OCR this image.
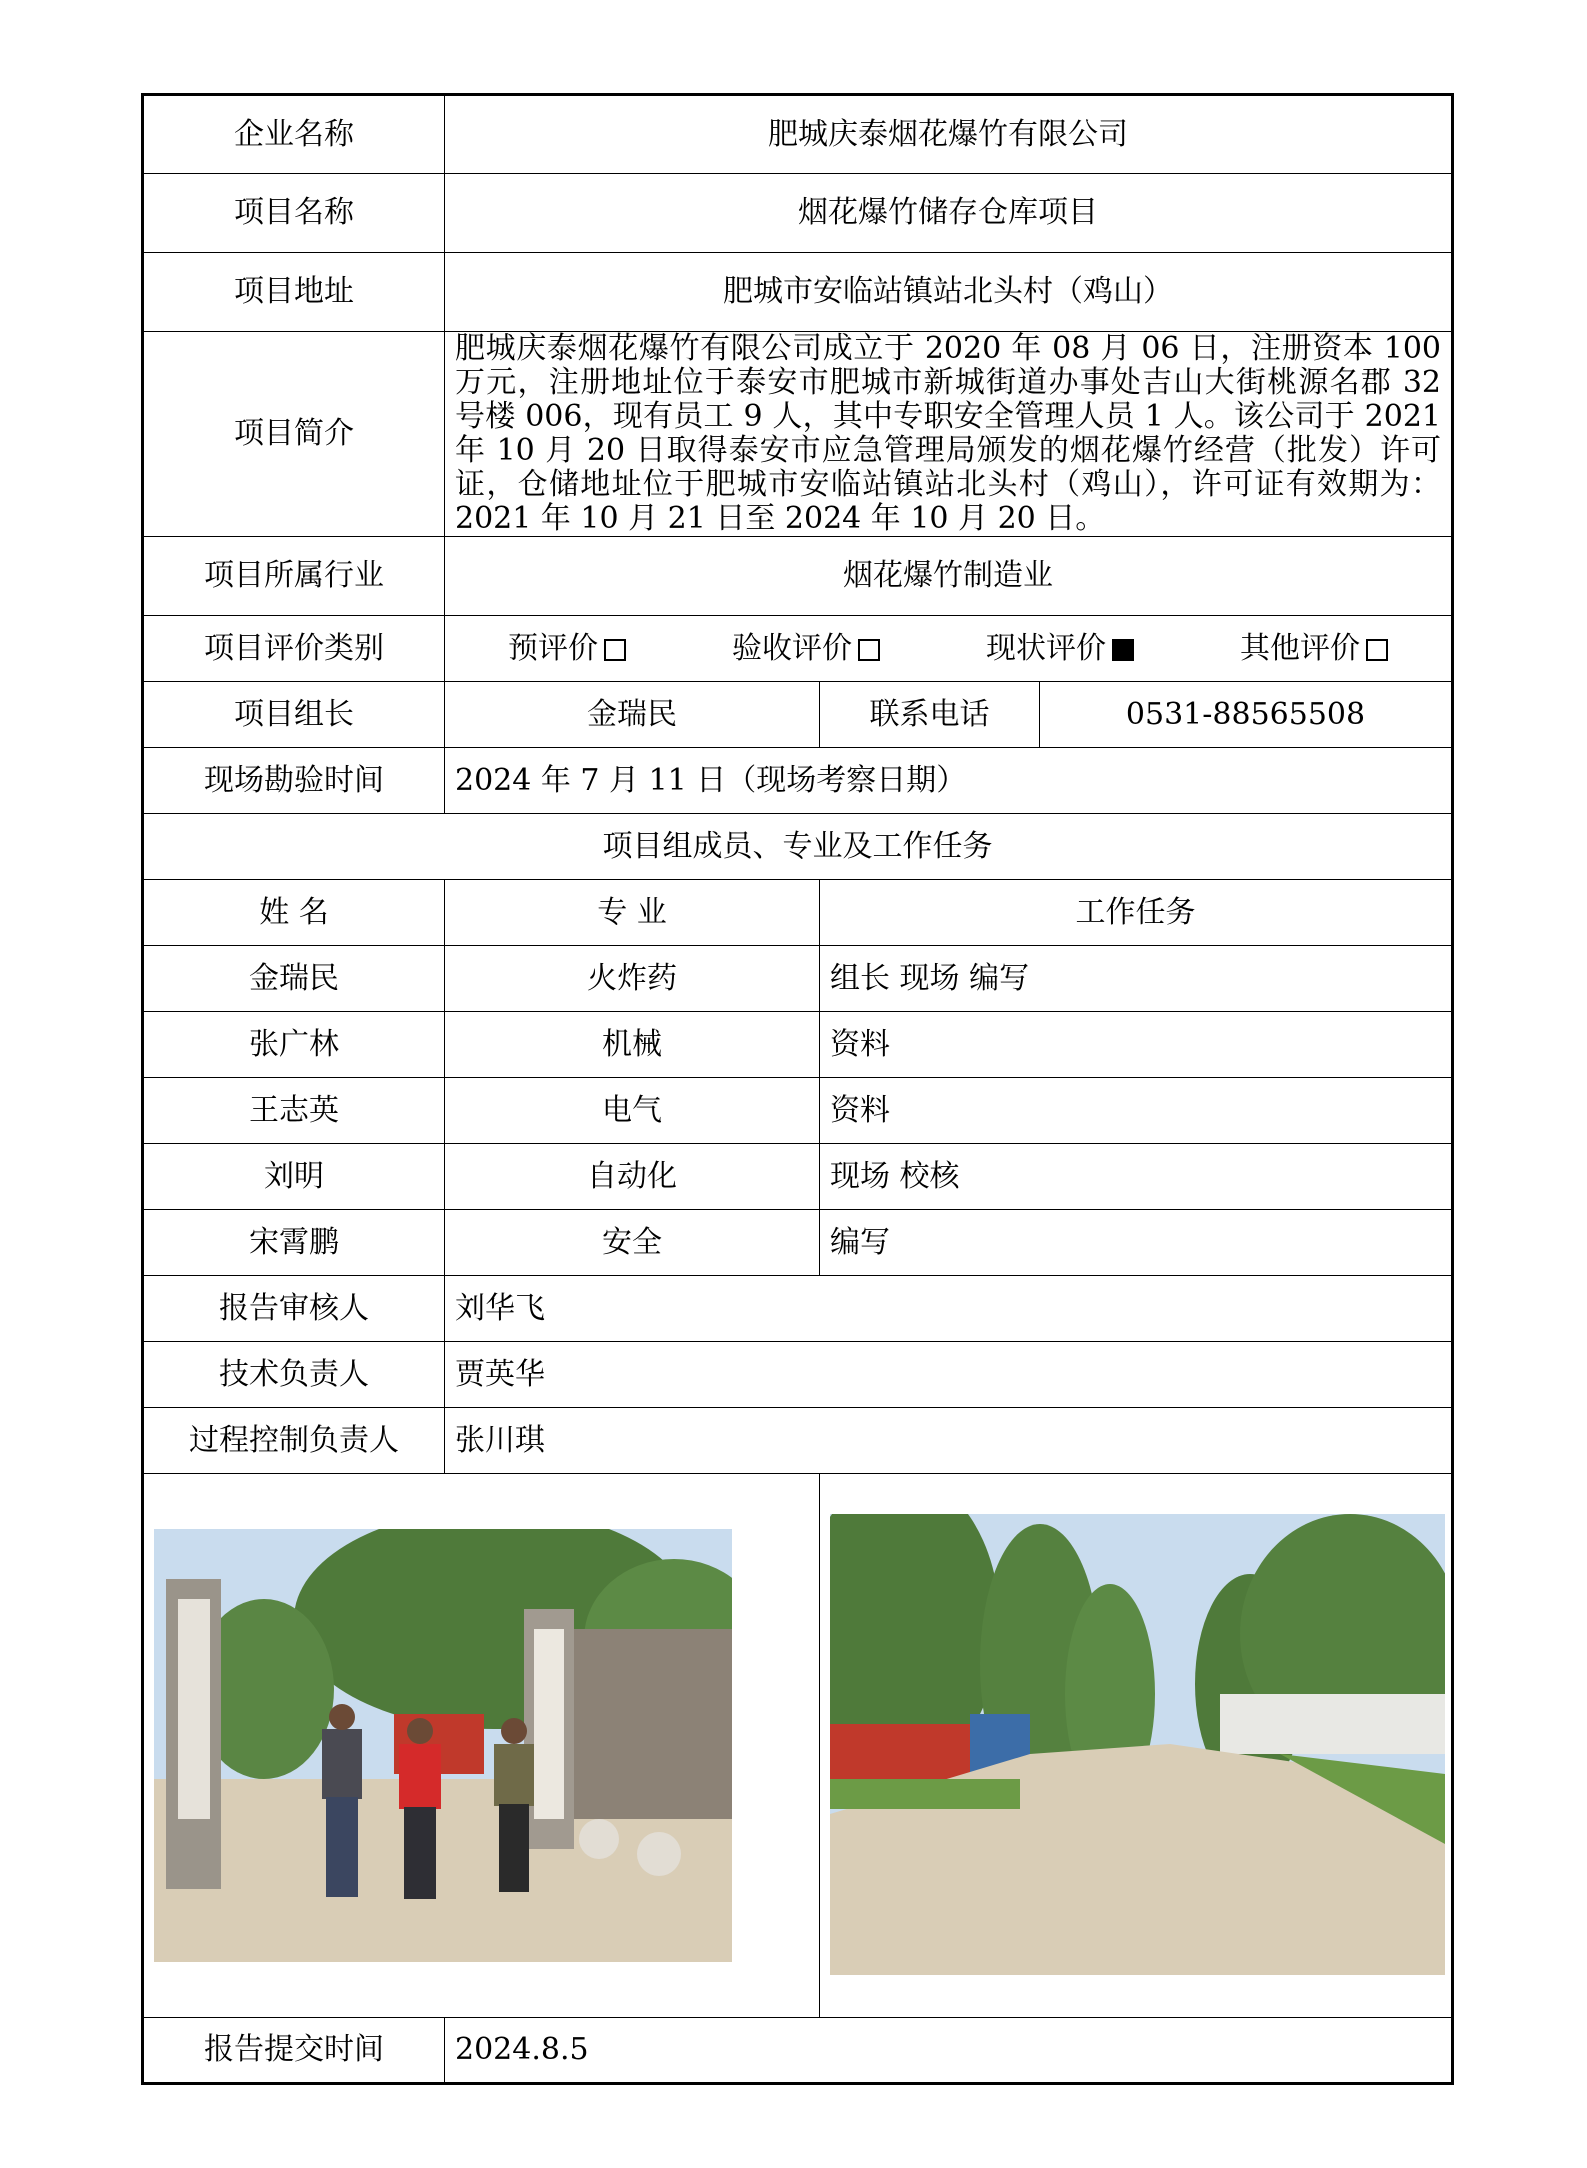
企业名称	肥城庆泰烟花爆竹有限公司		
项目名称	烟花爆竹储存仓库项目		
项目地址	肥城市安临站镇站北头村（鸡山）		
项目简介	肥城庆泰烟花爆竹有限公司成立于 2020 年 08 月 06 日，注册资本 100 万元，注册地址位于泰安市肥城市新城街道办事处吉山大街桃源名郡 32 号楼 006，现有员工 9 人，其中专职安全管理人员 1 人。该公司于 2021 年 10 月 20 日取得泰安市应急管理局颁发的烟花爆竹经营（批发）许可证，仓储地址位于肥城市安临站镇站北头村（鸡山），许可证有效期为：2021 年 10 月 21 日至 2024 年 10 月 20 日。		
项目所属行业	烟花爆竹制造业		
项目评价类别	预评价 验收评价 现状评价 其他评价		

项目组长	金瑞民	联系电话	0531-88565508
现场勘验时间	2024 年 7 月 11 日（现场考察日期）		
项目组成员、专业及工作任务			
姓 名	专 业	工作任务	
金瑞民	火炸药	组长 现场 编写	
张广林	机械	资料	
王志英	电气	资料	
刘明	自动化	现场 校核	
宋霄鹏	安全	编写	
报告审核人	刘华飞		
技术负责人	贾英华		
过程控制负责人	张川琪		

报告提交时间	2024.8.5		
